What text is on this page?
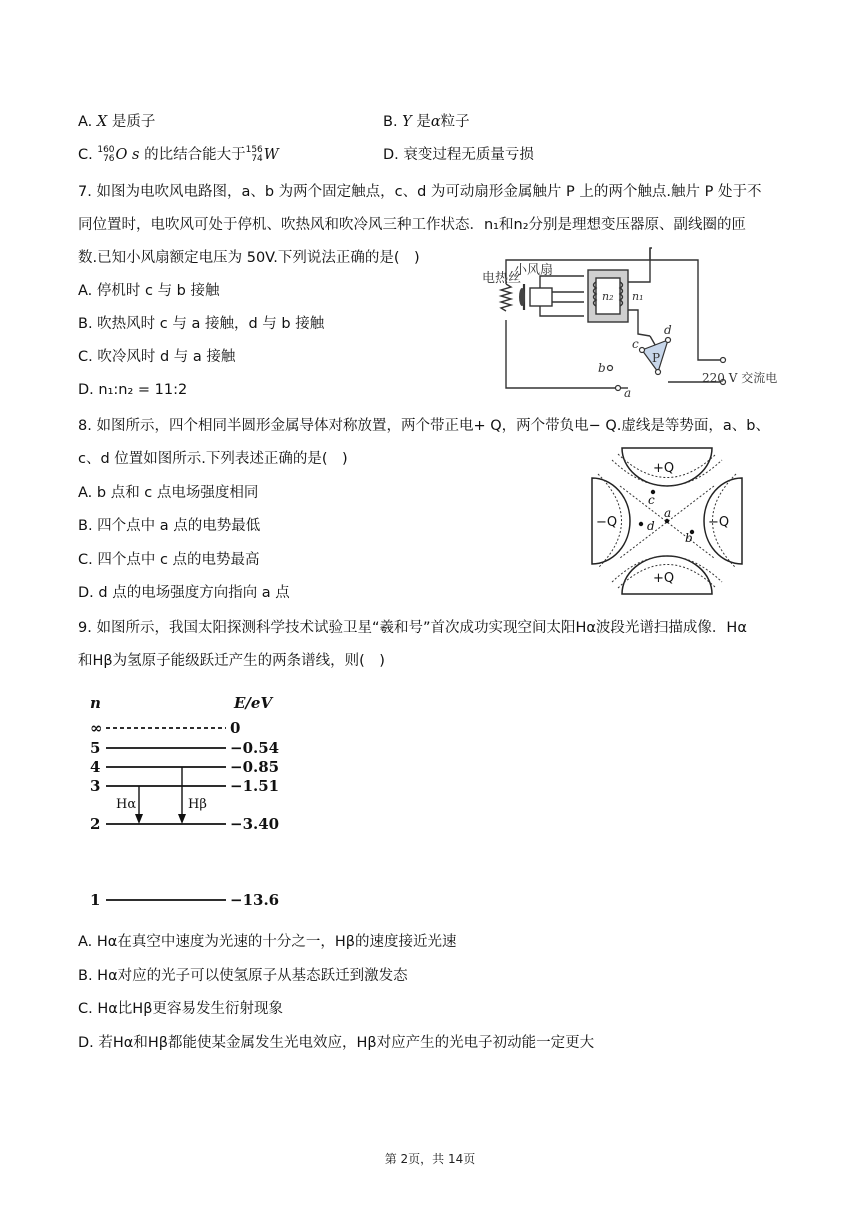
A. X 是质子	B. Y 是α粒子
C. 160
76 O s 的比结合能大于 156
74 W	D. 衰变过程无质量亏损
7. 如图为电吹风电路图，a、b 为两个固定触点，c、d 为可动扇形金属触片 P 上的两个触点.触片 P 处于不
同位置时，电吹风可处于停机、吹热风和吹冷风三种工作状态．n₁和n₂分别是理想变压器原、副线圈的匝
数.已知小风扇额定电压为 50V.下列说法正确的是(　)
A. 停机时 c 与 b 接触
B. 吹热风时 c 与 a 接触，d 与 b 接触
C. 吹冷风时 d 与 a 接触
D. n₁:n₂ = 11:2
电热丝
小风扇
n₂ n₁
P
a
b
c
d
220 V 交流电
8. 如图所示，四个相同半圆形金属导体对称放置，两个带正电+ Q，两个带负电− Q.虚线是等势面，a、b、
c、d 位置如图所示.下列表述正确的是(　)
A. b 点和 c 点电场强度相同
B. 四个点中 a 点的电势最低
C. 四个点中 c 点的电势最高
D. d 点的电场强度方向指向 a 点
+Q
+Q
−Q	−Q
a
b
c
d
9. 如图所示，我国太阳探测科学技术试验卫星“羲和号”首次成功实现空间太阳Hα波段光谱扫描成像．Hα
和Hβ为氢原子能级跃迁产生的两条谱线，则(　)
n	E/eV
∞	0
5	−0.54
4	−0.85
3	−1.51
2	−3.40
1	−13.6
Hα	Hβ
A. Hα在真空中速度为光速的十分之一，Hβ的速度接近光速
B. Hα对应的光子可以使氢原子从基态跃迁到激发态
C. Hα比Hβ更容易发生衍射现象
D. 若Hα和Hβ都能使某金属发生光电效应，Hβ对应产生的光电子初动能一定更大
第 2页，共 14页
